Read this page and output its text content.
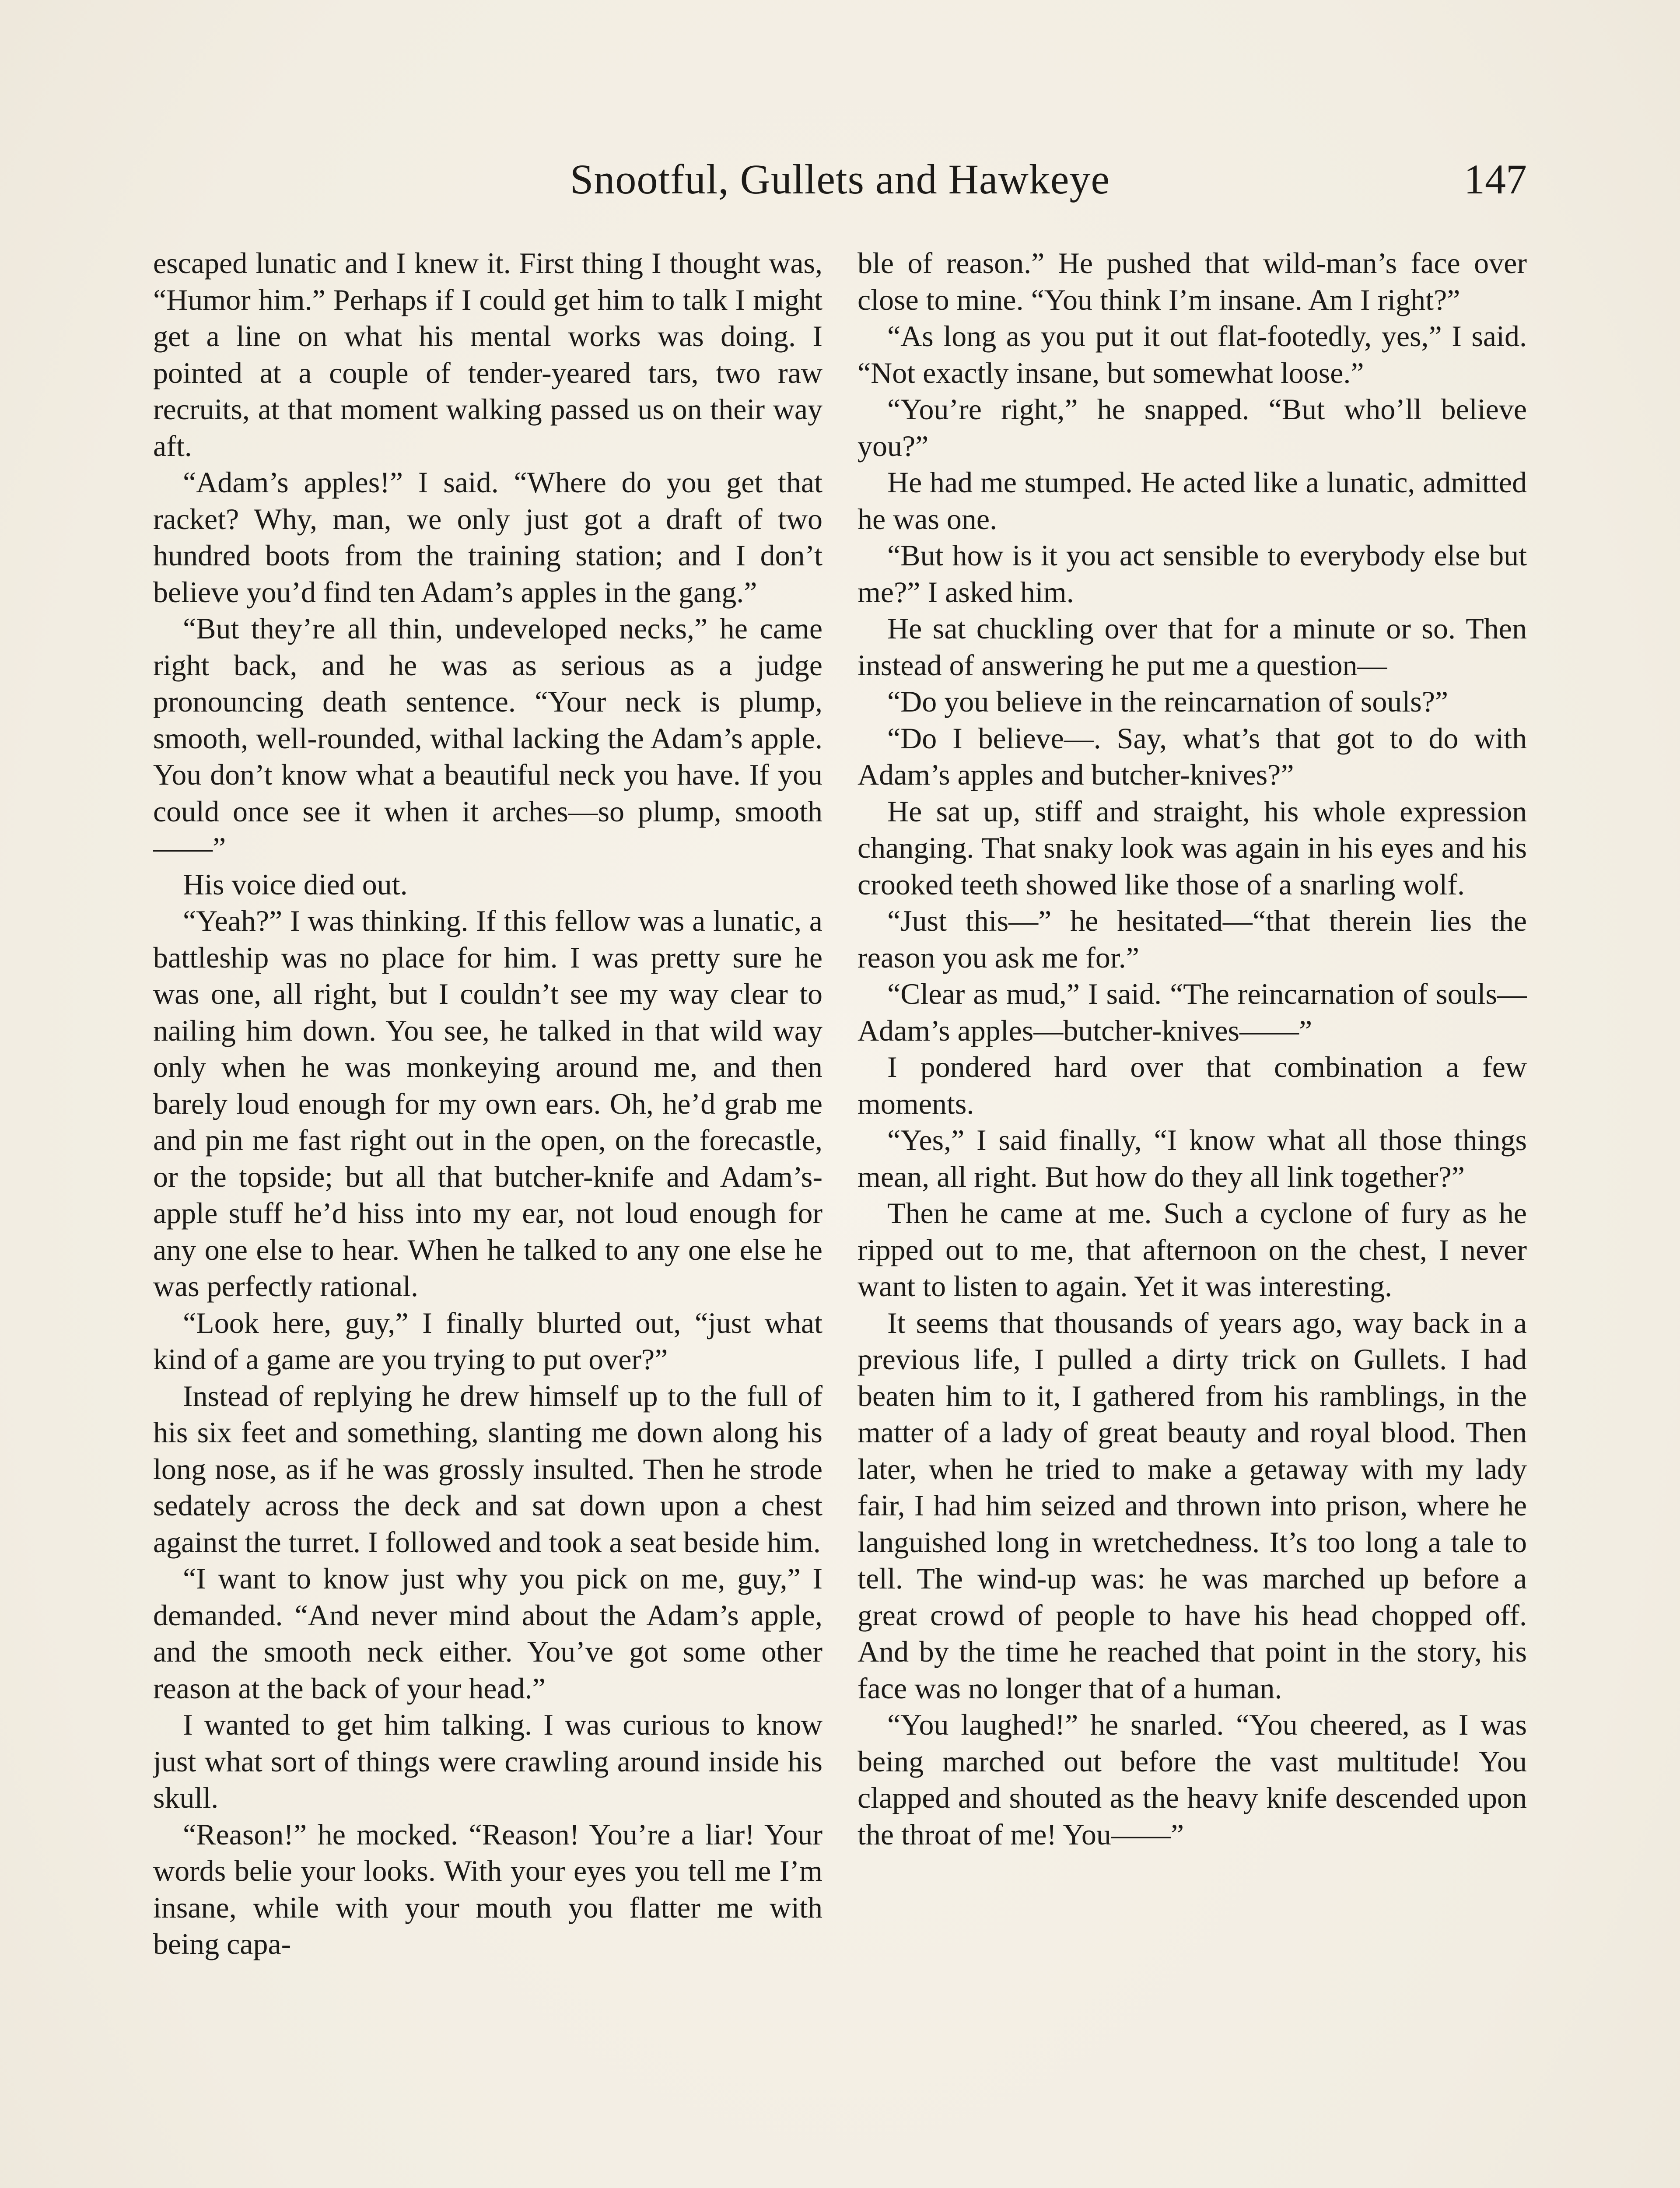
Snootful, Gullets and Hawkeye	147

escaped lunatic and I knew it. First thing I thought was, “Humor him.” Perhaps if I could get him to talk I might get a line on what his mental works was doing. I pointed at a couple of tender-yeared tars, two raw recruits, at that moment walking passed us on their way aft.

“Adam’s apples!” I said. “Where do you get that racket? Why, man, we only just got a draft of two hundred boots from the training station; and I don’t believe you’d find ten Adam’s apples in the gang.”

“But they’re all thin, undeveloped necks,” he came right back, and he was as serious as a judge pronouncing death sentence. “Your neck is plump, smooth, well-rounded, withal lacking the Adam’s apple. You don’t know what a beautiful neck you have. If you could once see it when it arches—so plump, smooth——”

His voice died out.

“Yeah?” I was thinking. If this fellow was a lunatic, a battleship was no place for him. I was pretty sure he was one, all right, but I couldn’t see my way clear to nailing him down. You see, he talked in that wild way only when he was monkeying around me, and then barely loud enough for my own ears. Oh, he’d grab me and pin me fast right out in the open, on the forecastle, or the topside; but all that butcher-knife and Adam’s-apple stuff he’d hiss into my ear, not loud enough for any one else to hear. When he talked to any one else he was perfectly rational.

“Look here, guy,” I finally blurted out, “just what kind of a game are you trying to put over?”

Instead of replying he drew himself up to the full of his six feet and something, slanting me down along his long nose, as if he was grossly insulted. Then he strode sedately across the deck and sat down upon a chest against the turret. I followed and took a seat beside him.

“I want to know just why you pick on me, guy,” I demanded. “And never mind about the Adam’s apple, and the smooth neck either. You’ve got some other reason at the back of your head.”

I wanted to get him talking. I was curious to know just what sort of things were crawling around inside his skull.

“Reason!” he mocked. “Reason! You’re a liar! Your words belie your looks. With your eyes you tell me I’m insane, while with your mouth you flatter me with being capa-

ble of reason.” He pushed that wild-man’s face over close to mine. “You think I’m insane. Am I right?”

“As long as you put it out flat-footedly, yes,” I said. “Not exactly insane, but somewhat loose.”

“You’re right,” he snapped. “But who’ll believe you?”

He had me stumped. He acted like a lunatic, admitted he was one.

“But how is it you act sensible to everybody else but me?” I asked him.

He sat chuckling over that for a minute or so. Then instead of answering he put me a question—

“Do you believe in the reincarnation of souls?”

“Do I believe—. Say, what’s that got to do with Adam’s apples and butcher-knives?”

He sat up, stiff and straight, his whole expression changing. That snaky look was again in his eyes and his crooked teeth showed like those of a snarling wolf.

“Just this—” he hesitated—“that therein lies the reason you ask me for.”

“Clear as mud,” I said. “The reincarnation of souls—Adam’s apples—butcher-knives——”

I pondered hard over that combination a few moments.

“Yes,” I said finally, “I know what all those things mean, all right. But how do they all link together?”

Then he came at me. Such a cyclone of fury as he ripped out to me, that afternoon on the chest, I never want to listen to again. Yet it was interesting.

It seems that thousands of years ago, way back in a previous life, I pulled a dirty trick on Gullets. I had beaten him to it, I gathered from his ramblings, in the matter of a lady of great beauty and royal blood. Then later, when he tried to make a getaway with my lady fair, I had him seized and thrown into prison, where he languished long in wretchedness. It’s too long a tale to tell. The wind-up was: he was marched up before a great crowd of people to have his head chopped off. And by the time he reached that point in the story, his face was no longer that of a human.

“You laughed!” he snarled. “You cheered, as I was being marched out before the vast multitude! You clapped and shouted as the heavy knife descended upon the throat of me! You——”
